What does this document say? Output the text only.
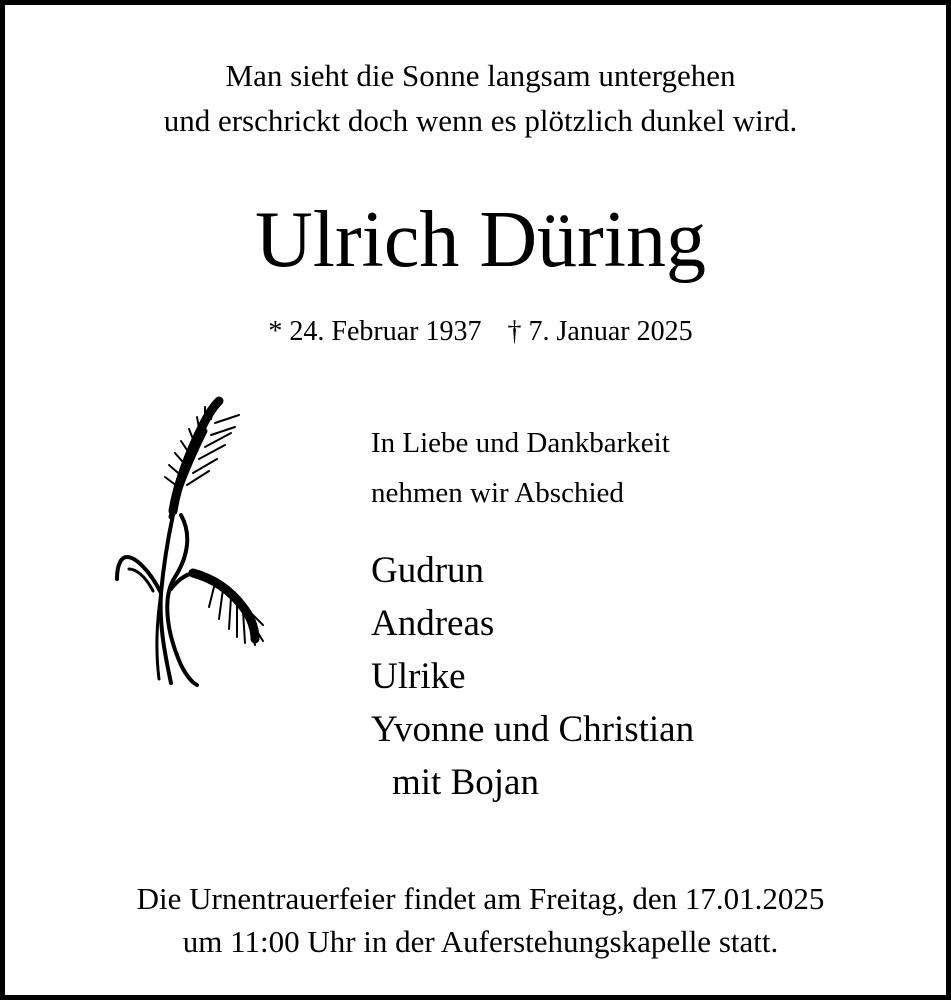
Man sieht die Sonne langsam untergehen
und erschrickt doch wenn es plötzlich dunkel wird.
Ulrich Düring
* 24. Februar 1937 † 7. Januar 2025
In Liebe und Dankbarkeit
nehmen wir Abschied
Gudrun
Andreas
Ulrike
Yvonne und Christian
mit Bojan
Die Urnentrauerfeier findet am Freitag, den 17.01.2025
um 11:00 Uhr in der Auferstehungskapelle statt.
